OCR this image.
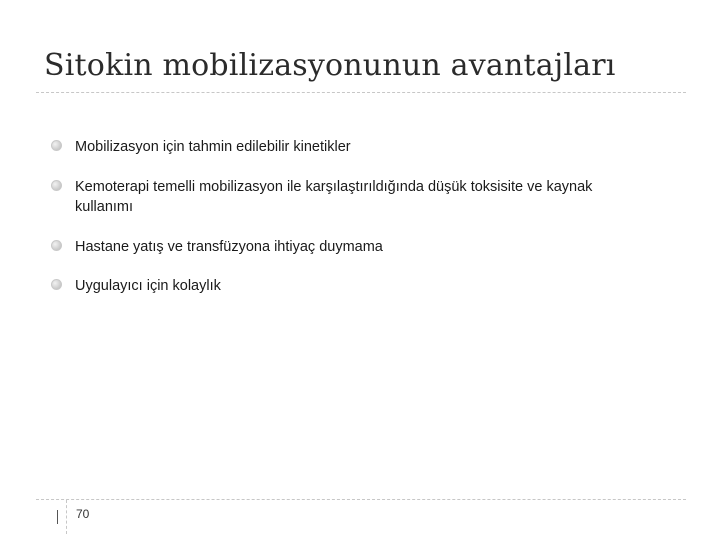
Sitokin mobilizasyonunun avantajları
Mobilizasyon için tahmin edilebilir kinetikler
Kemoterapi temelli mobilizasyon ile karşılaştırıldığında düşük toksisite ve kaynak kullanımı
Hastane yatış ve transfüzyona ihtiyaç duymama
Uygulayıcı için kolaylık
70
